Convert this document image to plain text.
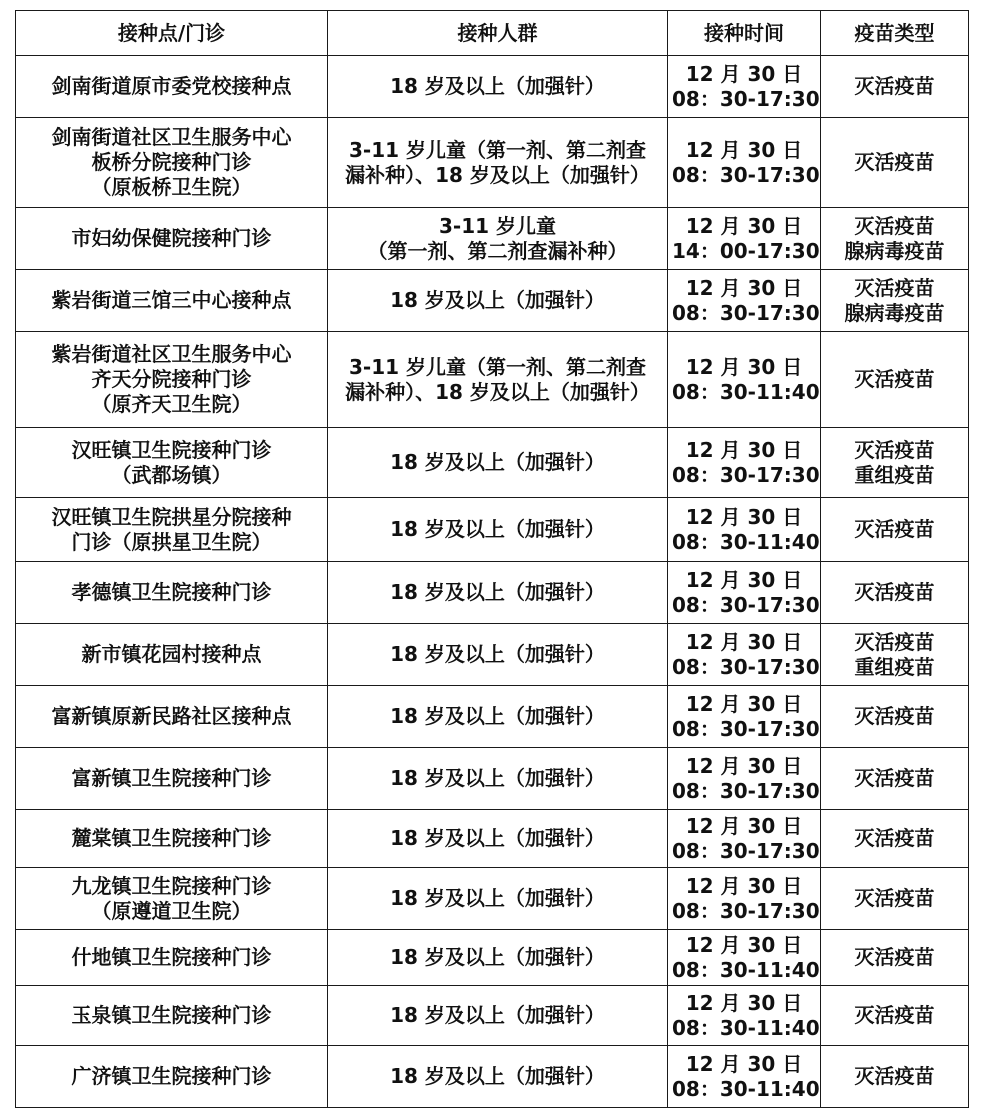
接种点/门诊	接种人群	接种时间	疫苗类型

剑南街道原市委党校接种点	18 岁及以上（加强针）	12 月 30 日
08：30-17:30	灭活疫苗

剑南街道社区卫生服务中心
板桥分院接种门诊
（原板桥卫生院）	3-11 岁儿童（第一剂、第二剂查
漏补种）、18 岁及以上（加强针）	12 月 30 日
08：30-17:30	灭活疫苗

市妇幼保健院接种门诊	3-11 岁儿童
（第一剂、第二剂查漏补种）	12 月 30 日
14：00-17:30	灭活疫苗
腺病毒疫苗

紫岩街道三馆三中心接种点	18 岁及以上（加强针）	12 月 30 日
08：30-17:30	灭活疫苗
腺病毒疫苗

紫岩街道社区卫生服务中心
齐天分院接种门诊
（原齐天卫生院）	3-11 岁儿童（第一剂、第二剂查
漏补种）、18 岁及以上（加强针）	12 月 30 日
08：30-11:40	灭活疫苗

汉旺镇卫生院接种门诊
（武都场镇）	18 岁及以上（加强针）	12 月 30 日
08：30-17:30	灭活疫苗
重组疫苗

汉旺镇卫生院拱星分院接种
门诊（原拱星卫生院）	18 岁及以上（加强针）	12 月 30 日
08：30-11:40	灭活疫苗

孝德镇卫生院接种门诊	18 岁及以上（加强针）	12 月 30 日
08：30-17:30	灭活疫苗

新市镇花园村接种点	18 岁及以上（加强针）	12 月 30 日
08：30-17:30	灭活疫苗
重组疫苗

富新镇原新民路社区接种点	18 岁及以上（加强针）	12 月 30 日
08：30-17:30	灭活疫苗

富新镇卫生院接种门诊	18 岁及以上（加强针）	12 月 30 日
08：30-17:30	灭活疫苗

麓棠镇卫生院接种门诊	18 岁及以上（加强针）	12 月 30 日
08：30-17:30	灭活疫苗

九龙镇卫生院接种门诊
（原遵道卫生院）	18 岁及以上（加强针）	12 月 30 日
08：30-17:30	灭活疫苗

什地镇卫生院接种门诊	18 岁及以上（加强针）	12 月 30 日
08：30-11:40	灭活疫苗

玉泉镇卫生院接种门诊	18 岁及以上（加强针）	12 月 30 日
08：30-11:40	灭活疫苗

广济镇卫生院接种门诊	18 岁及以上（加强针）	12 月 30 日
08：30-11:40	灭活疫苗
